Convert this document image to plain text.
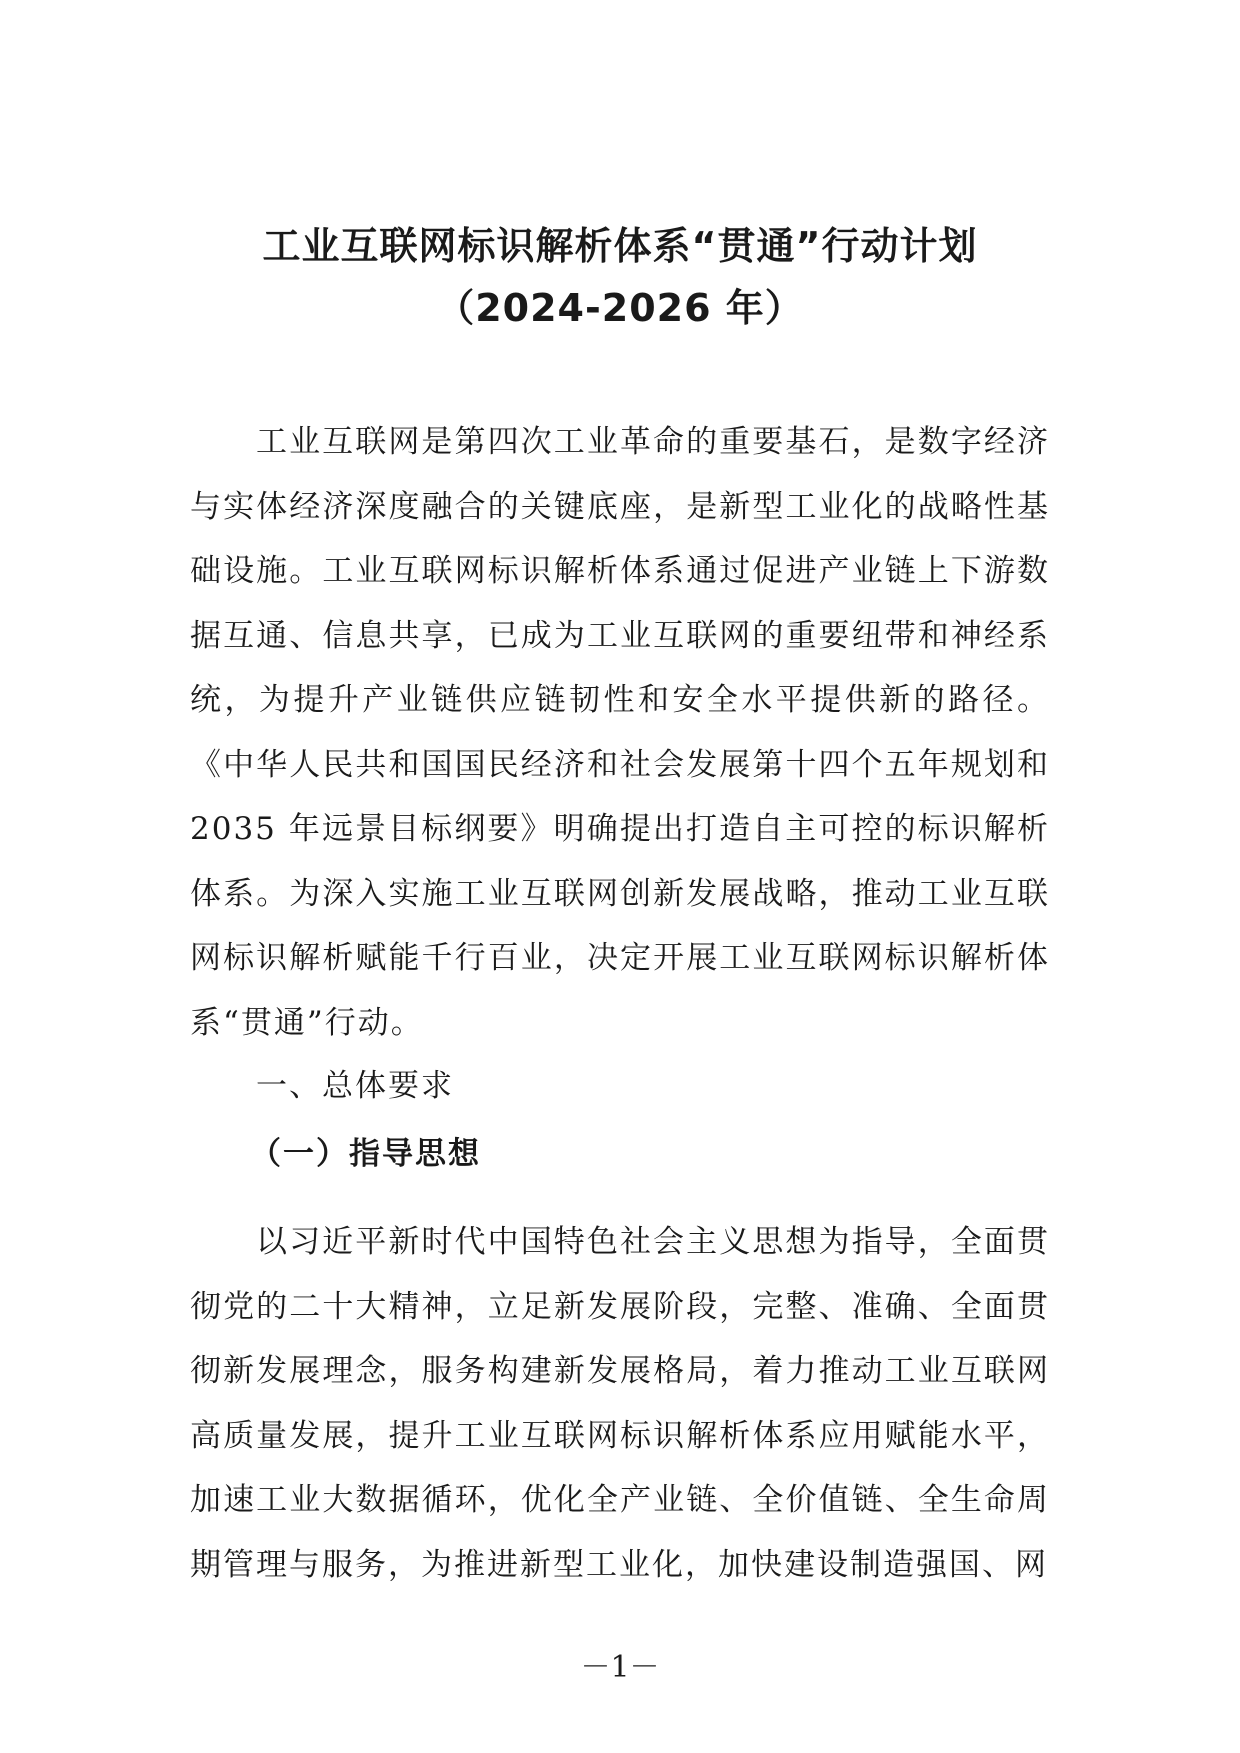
工业互联网标识解析体系“贯通”行动计划
（2024-2026 年）

工业互联网是第四次工业革命的重要基石，是数字经济与实体经济深度融合的关键底座，是新型工业化的战略性基础设施。工业互联网标识解析体系通过促进产业链上下游数据互通、信息共享，已成为工业互联网的重要纽带和神经系统，为提升产业链供应链韧性和安全水平提供新的路径。《中华人民共和国国民经济和社会发展第十四个五年规划和2035 年远景目标纲要》明确提出打造自主可控的标识解析体系。为深入实施工业互联网创新发展战略，推动工业互联网标识解析赋能千行百业，决定开展工业互联网标识解析体系“贯通”行动。

一、总体要求

（一）指导思想

以习近平新时代中国特色社会主义思想为指导，全面贯彻党的二十大精神，立足新发展阶段，完整、准确、全面贯彻新发展理念，服务构建新发展格局，着力推动工业互联网高质量发展，提升工业互联网标识解析体系应用赋能水平，加速工业大数据循环，优化全产业链、全价值链、全生命周期管理与服务，为推进新型工业化，加快建设制造强国、网

－1－
